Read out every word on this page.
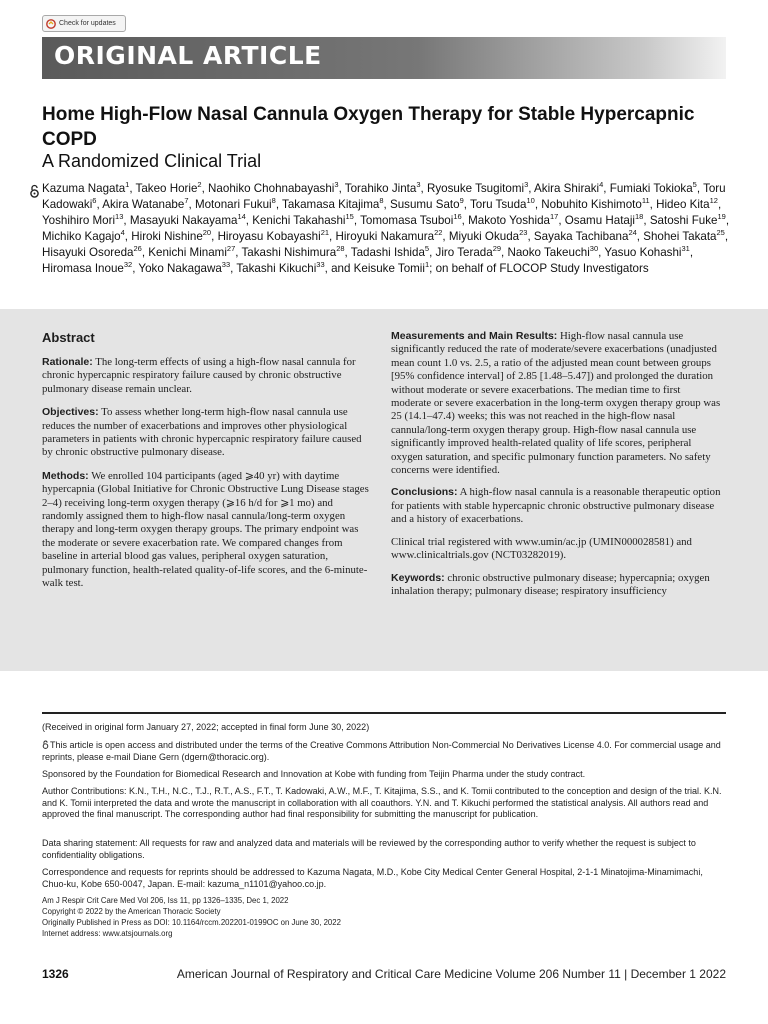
Check for updates
ORIGINAL ARTICLE
Home High-Flow Nasal Cannula Oxygen Therapy for Stable Hypercapnic COPD
A Randomized Clinical Trial

Kazuma Nagata$^1$, Takeo Horie$^2$, Naohiko Chohnabayashi$^3$, Torahiko Jinta$^3$, Ryosuke Tsugitomi$^3$, Akira Shiraki$^4$, Fumiaki Tokioka$^5$, Toru Kadowaki$^6$, Akira Watanabe$^7$, Motonari Fukui$^8$, Takamasa Kitajima$^8$, Susumu Sato$^9$, Toru Tsuda$^{10}$, Nobuhito Kishimoto$^{11}$, Hideo Kita$^{12}$, Yoshihiro Mori$^{13}$, Masayuki Nakayama$^{14}$, Kenichi Takahashi$^{15}$, Tomomasa Tsuboi$^{16}$, Makoto Yoshida$^{17}$, Osamu Hataji$^{18}$, Satoshi Fuke$^{19}$, Michiko Kagajo$^4$, Hiroki Nishine$^{20}$, Hiroyasu Kobayashi$^{21}$, Hiroyuki Nakamura$^{22}$, Miyuki Okuda$^{23}$, Sayaka Tachibana$^{24}$, Shohei Takata$^{25}$, Hisayuki Osoreda$^{26}$, Kenichi Minami$^{27}$, Takashi Nishimura$^{28}$, Tadashi Ishida$^5$, Jiro Terada$^{29}$, Naoko Takeuchi$^{30}$, Yasuo Kohashi$^{31}$, Hiromasa Inoue$^{32}$, Yoko Nakagawa$^{33}$, Takashi Kikuchi$^{33}$, and Keisuke Tomii$^1$; on behalf of FLOCOP Study Investigators

Abstract

Rationale: The long-term effects of using a high-flow nasal cannula for chronic hypercapnic respiratory failure caused by chronic obstructive pulmonary disease remain unclear.

Objectives: To assess whether long-term high-flow nasal cannula use reduces the number of exacerbations and improves other physiological parameters in patients with chronic hypercapnic respiratory failure caused by chronic obstructive pulmonary disease.

Methods: We enrolled 104 participants (aged ⩾40 yr) with daytime hypercapnia (Global Initiative for Chronic Obstructive Lung Disease stages 2–4) receiving long-term oxygen therapy (⩾16 h/d for ⩾1 mo) and randomly assigned them to high-flow nasal cannula/long-term oxygen therapy and long-term oxygen therapy groups. The primary endpoint was the moderate or severe exacerbation rate. We compared changes from baseline in arterial blood gas values, peripheral oxygen saturation, pulmonary function, health-related quality-of-life scores, and the 6-minute-walk test.

Measurements and Main Results: High-flow nasal cannula use significantly reduced the rate of moderate/severe exacerbations (unadjusted mean count 1.0 vs. 2.5, a ratio of the adjusted mean count between groups [95% confidence interval] of 2.85 [1.48–5.47]) and prolonged the duration without moderate or severe exacerbations. The median time to first moderate or severe exacerbation in the long-term oxygen therapy group was 25 (14.1–47.4) weeks; this was not reached in the high-flow nasal cannula/long-term oxygen therapy group. High-flow nasal cannula use significantly improved health-related quality of life scores, peripheral oxygen saturation, and specific pulmonary function parameters. No safety concerns were identified.

Conclusions: A high-flow nasal cannula is a reasonable therapeutic option for patients with stable hypercapnic chronic obstructive pulmonary disease and a history of exacerbations.

Clinical trial registered with www.umin/ac.jp (UMIN000028581) and www.clinicaltrials.gov (NCT03282019).

Keywords: chronic obstructive pulmonary disease; hypercapnia; oxygen inhalation therapy; pulmonary disease; respiratory insufficiency

(Received in original form January 27, 2022; accepted in final form June 30, 2022)

This article is open access and distributed under the terms of the Creative Commons Attribution Non-Commercial No Derivatives License 4.0. For commercial usage and reprints, please e-mail Diane Gern (dgern@thoracic.org).

Sponsored by the Foundation for Biomedical Research and Innovation at Kobe with funding from Teijin Pharma under the study contract.

Author Contributions: K.N., T.H., N.C., T.J., R.T., A.S., F.T., T. Kadowaki, A.W., M.F., T. Kitajima, S.S., and K. Tomii contributed to the conception and design of the trial. K.N. and K. Tomii interpreted the data and wrote the manuscript in collaboration with all coauthors. Y.N. and T. Kikuchi performed the statistical analysis. All authors read and approved the final manuscript. The corresponding author had final responsibility for submitting the manuscript for publication.

Data sharing statement: All requests for raw and analyzed data and materials will be reviewed by the corresponding author to verify whether the request is subject to confidentiality obligations.

Correspondence and requests for reprints should be addressed to Kazuma Nagata, M.D., Kobe City Medical Center General Hospital, 2-1-1 Minatojima-Minamimachi, Chuo-ku, Kobe 650-0047, Japan. E-mail: kazuma_n1101@yahoo.co.jp.

Am J Respir Crit Care Med Vol 206, Iss 11, pp 1326–1335, Dec 1, 2022

Copyright © 2022 by the American Thoracic Society

Originally Published in Press as DOI: 10.1164/rccm.202201-0199OC on June 30, 2022

Internet address: www.atsjournals.org

1326	American Journal of Respiratory and Critical Care Medicine Volume 206 Number 11 | December 1 2022
